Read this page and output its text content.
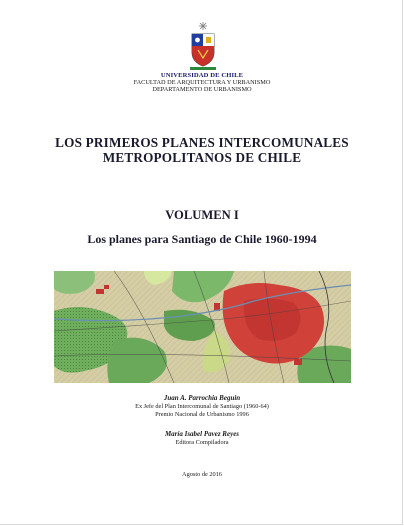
UNIVERSIDAD DE CHILE
FACULTAD DE ARQUITECTURA Y URBANISMO
DEPARTAMENTO DE URBANISMO
LOS PRIMEROS PLANES INTERCOMUNALES
METROPOLITANOS DE CHILE
VOLUMEN I
Los planes para Santiago de Chile 1960-1994
Juan A. Parrochia Beguin
Ex Jefe del Plan Intercomunal de Santiago (1960-64)
Premio Nacional de Urbanismo 1996
María Isabel Pavez Reyes
Editora Compiladora
Agosto de 2016
